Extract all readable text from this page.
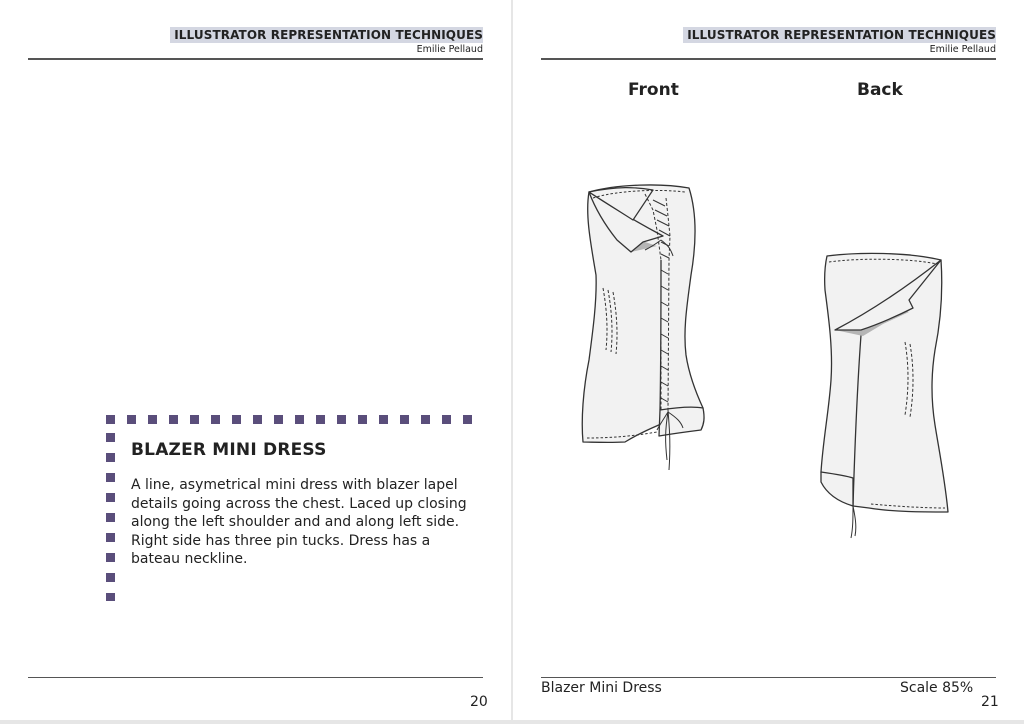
ILLUSTRATOR REPRESENTATION TECHNIQUES
Emilie Pellaud
BLAZER MINI DRESS

A line, asymetrical mini dress with blazer lapel details going across the chest. Laced up closing along the left shoulder and and along left side. Right side has three pin tucks. Dress has a bateau neckline.

20
ILLUSTRATOR REPRESENTATION TECHNIQUES
Emilie Pellaud
Front	Back
Blazer Mini Dress	Scale 85%
21
